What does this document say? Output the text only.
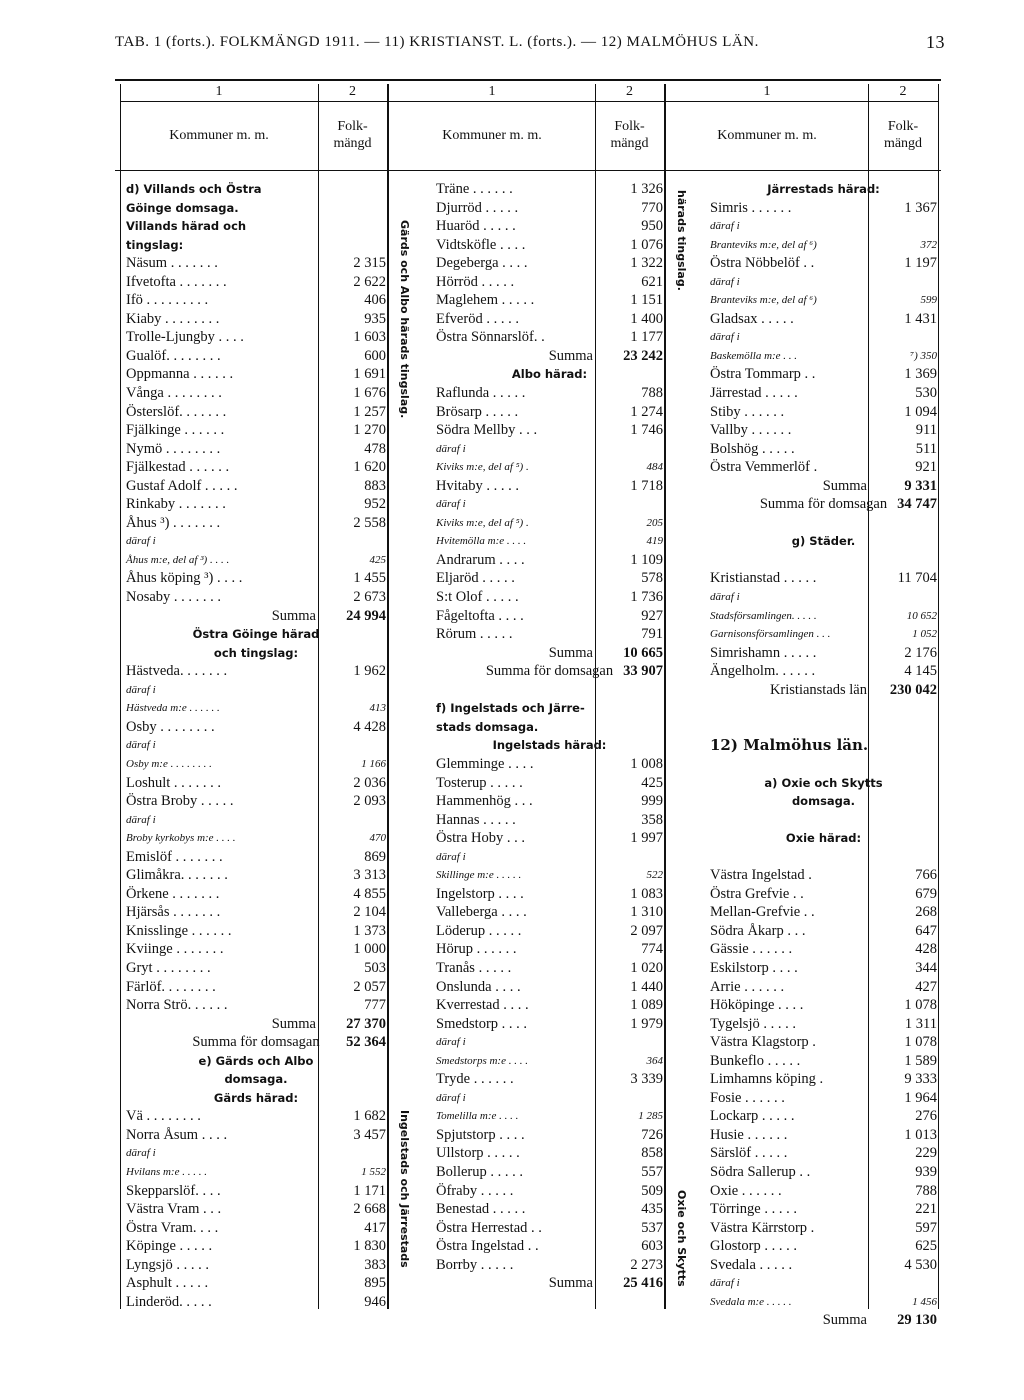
TAB. 1 (forts.). FOLKMÄNGD 1911. — 11) KRISTIANST. L. (forts.). — 12) MALMÖHUS LÄN.	13
1	2	1	2	1	2
Kommuner m. m.
Folk-
mängd
Kommuner m. m.
Folk-
mängd
Kommuner m. m.
Folk-
mängd
d) Villands och Östra
Göinge domsaga.
Villands härad och
tingslag:
Näsum . . . . . . .	2 315
Ifvetofta . . . . . . .	2 622
Ifö . . . . . . . . .	406
Kiaby . . . . . . . .	935
Trolle-Ljungby . . . .	1 603
Gualöf. . . . . . . .	600
Oppmanna . . . . . .	1 691
Vånga . . . . . . . .	1 676
Österslöf. . . . . . .	1 257
Fjälkinge . . . . . .	1 270
Nymö . . . . . . . .	478
Fjälkestad . . . . . .	1 620
Gustaf Adolf . . . . .	883
Rinkaby . . . . . . .	952
Åhus ³) . . . . . . .	2 558
däraf i
Åhus m:e, del af ³) . . . .	425
Åhus köping ³) . . . .	1 455
Nosaby . . . . . . .	2 673
Summa 24 994
Östra Göinge härad
och tingslag:
Hästveda. . . . . . .	1 962
däraf i
Hästveda m:e . . . . . .	413
Osby . . . . . . . .	4 428
däraf i
Osby m:e . . . . . . . .	1 166
Loshult . . . . . . .	2 036
Östra Broby . . . . .	2 093
däraf i
Broby kyrkobys m:e . . . .	470
Emislöf . . . . . . .	869
Glimåkra. . . . . . .	3 313
Örkene . . . . . . .	4 855
Hjärsås . . . . . . .	2 104
Knisslinge . . . . . .	1 373
Kviinge . . . . . . .	1 000
Gryt . . . . . . . .	503
Färlöf. . . . . . . .	2 057
Norra Strö. . . . . .	777
Summa 27 370
Summa för domsagan	52 364
e) Gärds och Albo
domsaga.
Gärds härad:
Vä . . . . . . . .	1 682
Norra Åsum . . . .	3 457
däraf i
Hvilans m:e . . . . .	1 552
Skepparslöf. . . .	1 171
Västra Vram . . .	2 668
Östra Vram. . . .	417
Köpinge . . . . .	1 830
Lyngsjö . . . . .	383
Asphult . . . . .	895
Linderöd. . . . .	946
Träne . . . . . .	1 326
Djurröd . . . . .	770
Huaröd . . . . .	950
Vidtsköfle . . . .	1 076
Degeberga . . . .	1 322
Hörröd . . . . .	621
Maglehem . . . . .	1 151
Efveröd . . . . .	1 400
Östra Sönnarslöf. .	1 177
Summa 23 242
Albo härad:
Raflunda . . . . .	788
Brösarp . . . . .	1 274
Södra Mellby . . .	1 746
däraf i
Kiviks m:e, del af ⁵) .	484
Hvitaby . . . . .	1 718
däraf i
Kiviks m:e, del af ⁵) .	205
Hvitemölla m:e . . . .	419
Andrarum . . . .	1 109
Eljaröd . . . . .	578
S:t Olof . . . . .	1 736
Fågeltofta . . . .	927
Rörum . . . . .	791
Summa 10 665
Summa för domsagan 33 907
f) Ingelstads och Järre-
stads domsaga.
Ingelstads härad:
Glemminge . . . .	1 008
Tosterup . . . . .	425
Hammenhög . . .	999
Hannas . . . . .	358
Östra Hoby . . .	1 997
däraf i
Skillinge m:e . . . . .	522
Ingelstorp . . . .	1 083
Valleberga . . . .	1 310
Löderup . . . . .	2 097
Hörup . . . . . .	774
Tranås . . . . .	1 020
Onslunda . . . .	1 440
Kverrestad . . . .	1 089
Smedstorp . . . .	1 979
däraf i
Smedstorps m:e . . . .	364
Tryde . . . . . .	3 339
däraf i
Tomelilla m:e . . . .	1 285
Spjutstorp . . . .	726
Ullstorp . . . . .	858
Bollerup . . . . .	557
Öfraby . . . . .	509
Benestad . . . . .	435
Östra Herrestad . .	537
Östra Ingelstad . .	603
Borrby . . . . .	2 273
Summa 25 416
Järrestads härad:
Simris . . . . . .	1 367
däraf i
Branteviks m:e, del af ⁶)	372
Östra Nöbbelöf . .	1 197
däraf i
Branteviks m:e, del af ⁶)	599
Gladsax . . . . .	1 431
däraf i
Baskemölla m:e . . .	⁷) 350
Östra Tommarp . .	1 369
Järrestad . . . . .	530
Stiby . . . . . .	1 094
Vallby . . . . . .	911
Bolshög . . . . .	511
Östra Vemmerlöf .	921
Summa	9 331
Summa för domsagan 34 747
g) Städer.
Kristianstad . . . . .	11 704
däraf i
Stadsförsamlingen. . . . .	10 652
Garnisonsförsamlingen . . .	1 052
Simrishamn . . . . .	2 176
Ängelholm. . . . . .	4 145
Kristianstads län 230 042
12) Malmöhus län.
a) Oxie och Skytts
domsaga.
Oxie härad:
Västra Ingelstad .	766
Östra Grefvie . .	679
Mellan-Grefvie . .	268
Södra Åkarp . . .	647
Gässie . . . . . .	428
Eskilstorp . . . .	344
Arrie . . . . . .	427
Hököpinge . . . .	1 078
Tygelsjö . . . . .	1 311
Västra Klagstorp .	1 078
Bunkeflo . . . . .	1 589
Limhamns köping .	9 333
Fosie . . . . . .	1 964
Lockarp . . . . .	276
Husie . . . . . .	1 013
Särslöf . . . . .	229
Södra Sallerup . .	939
Oxie . . . . . .	788
Törringe . . . . .	221
Västra Kärrstorp .	597
Glostorp . . . . .	625
Svedala . . . . .	4 530
däraf i
Svedala m:e . . . . .	1 456
Summa 29 130
Gärds och Albo härads tingslag.
Ingelstads och Järrestads
härads tingslag.
Oxie och Skytts
